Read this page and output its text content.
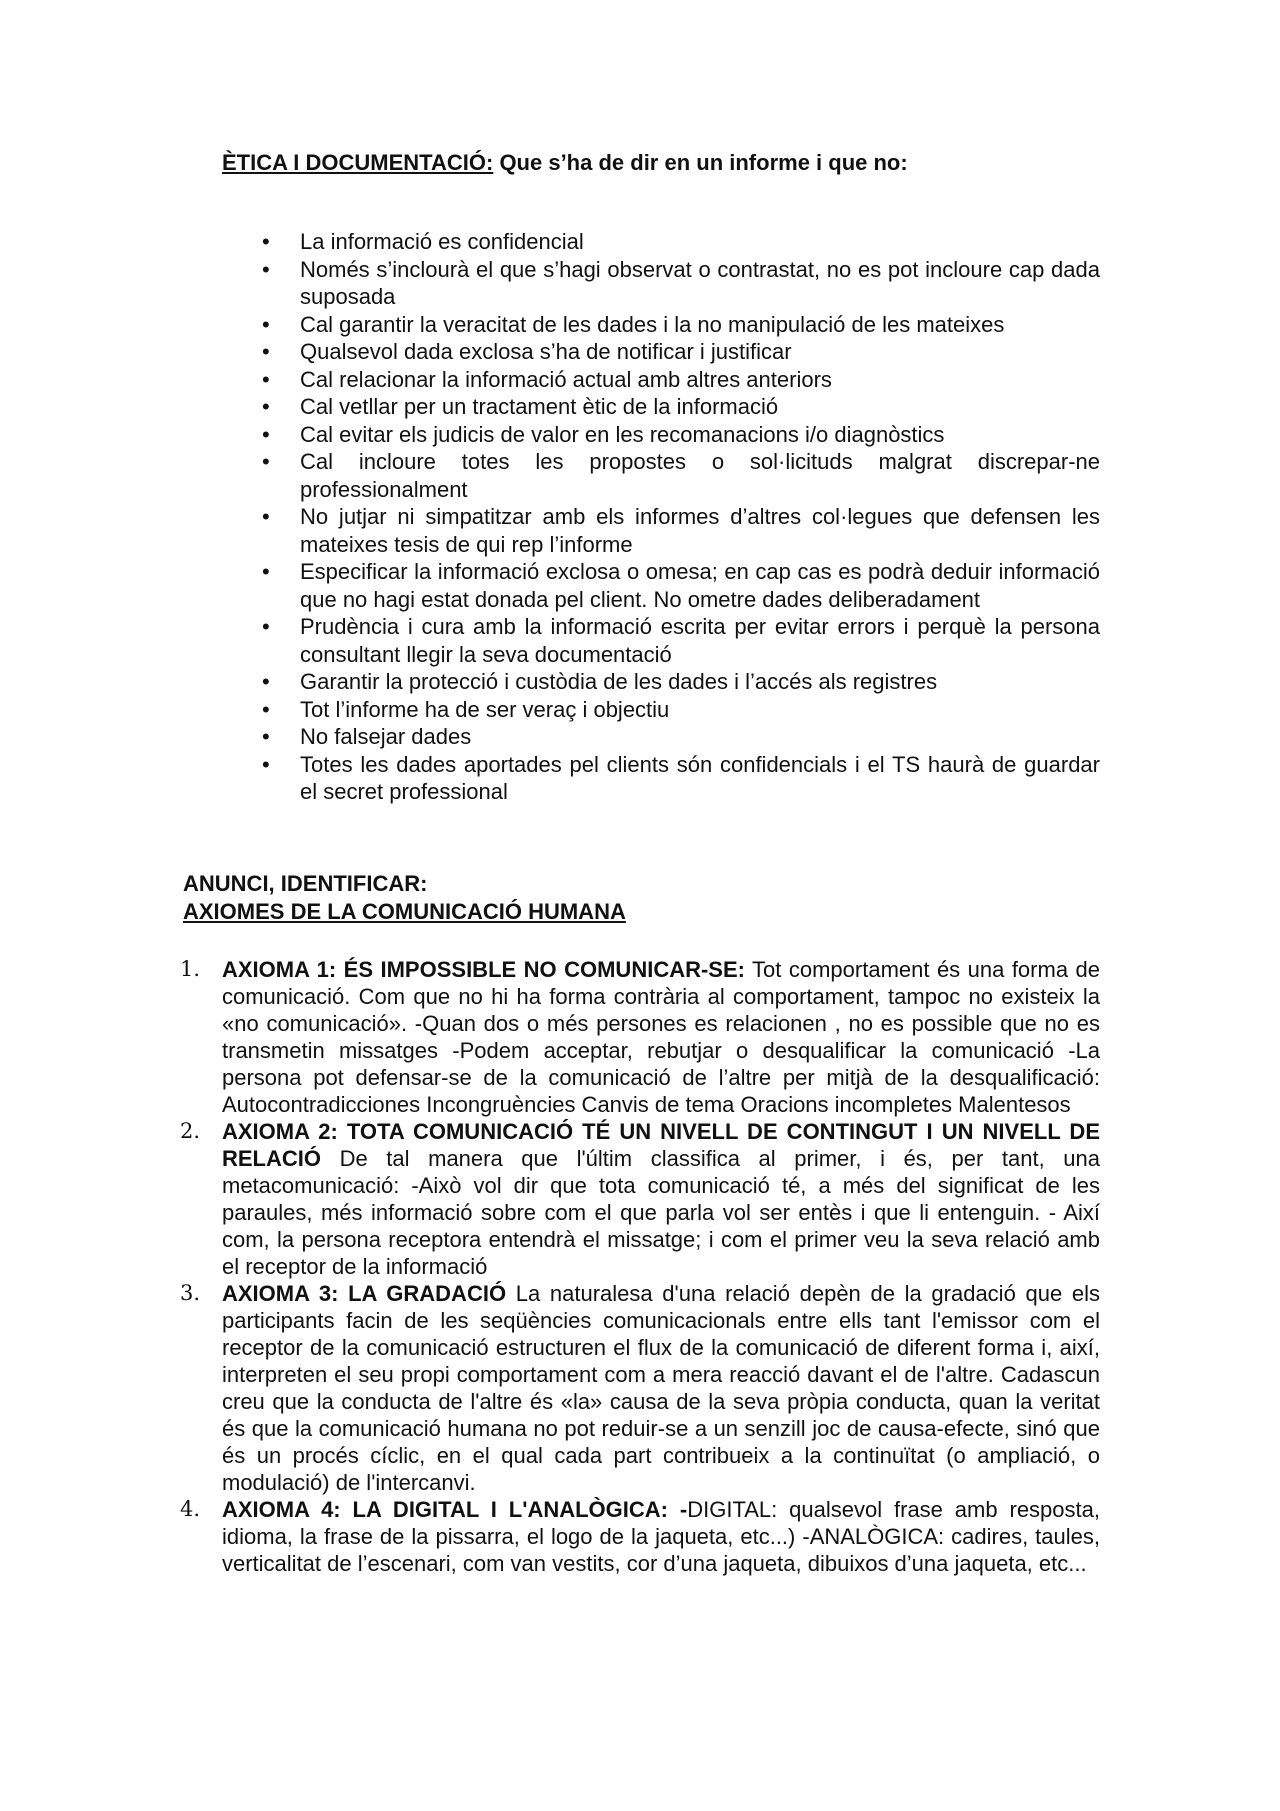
ÈTICA I DOCUMENTACIÓ: Que s’ha de dir en un informe i que no:
• La informació es confidencial
• Només s’inclourà el que s’hagi observat o contrastat, no es pot incloure cap dada suposada
• Cal garantir la veracitat de les dades i la no manipulació de les mateixes
• Qualsevol dada exclosa s’ha de notificar i justificar
• Cal relacionar la informació actual amb altres anteriors
• Cal vetllar per un tractament ètic de la informació
• Cal evitar els judicis de valor en les recomanacions i/o diagnòstics
• Cal incloure totes les propostes o sol·licituds malgrat discrepar-ne professionalment
• No jutjar ni simpatitzar amb els informes d’altres col·legues que defensen les mateixes tesis de qui rep l’informe
• Especificar la informació exclosa o omesa; en cap cas es podrà deduir informació que no hagi estat donada pel client. No ometre dades deliberadament
• Prudència i cura amb la informació escrita per evitar errors i perquè la persona consultant llegir la seva documentació
• Garantir la protecció i custòdia de les dades i l’accés als registres
• Tot l’informe ha de ser veraç i objectiu
• No falsejar dades
• Totes les dades aportades pel clients són confidencials i el TS haurà de guardar el secret professional
ANUNCI, IDENTIFICAR:
AXIOMES DE LA COMUNICACIÓ HUMANA
1. AXIOMA 1: ÉS IMPOSSIBLE NO COMUNICAR-SE: Tot comportament és una forma de comunicació. Com que no hi ha forma contrària al comportament, tampoc no existeix la «no comunicació». -Quan dos o més persones es relacionen , no es possible que no es transmetin missatges -Podem acceptar, rebutjar o desqualificar la comunicació -La persona pot defensar-se de la comunicació de l’altre per mitjà de la desqualificació: Autocontradicciones Incongruències Canvis de tema Oracions incompletes Malentesos
2. AXIOMA 2: TOTA COMUNICACIÓ TÉ UN NIVELL DE CONTINGUT I UN NIVELL DE RELACIÓ De tal manera que l'últim classifica al primer, i és, per tant, una metacomunicació: -Això vol dir que tota comunicació té, a més del significat de les paraules, més informació sobre com el que parla vol ser entès i que li entenguin. - Així com, la persona receptora entendrà el missatge; i com el primer veu la seva relació amb el receptor de la informació
3. AXIOMA 3: LA GRADACIÓ La naturalesa d'una relació depèn de la gradació que els participants facin de les seqüències comunicacionals entre ells tant l'emissor com el receptor de la comunicació estructuren el flux de la comunicació de diferent forma i, així, interpreten el seu propi comportament com a mera reacció davant el de l'altre. Cadascun creu que la conducta de l'altre és «la» causa de la seva pròpia conducta, quan la veritat és que la comunicació humana no pot reduir-se a un senzill joc de causa-efecte, sinó que és un procés cíclic, en el qual cada part contribueix a la continuïtat (o ampliació, o modulació) de l'intercanvi.
4. AXIOMA 4: LA DIGITAL I L'ANALÒGICA: -DIGITAL: qualsevol frase amb resposta, idioma, la frase de la pissarra, el logo de la jaqueta, etc...) -ANALÒGICA: cadires, taules, verticalitat de l’escenari, com van vestits, cor d’una jaqueta, dibuixos d’una jaqueta, etc...
